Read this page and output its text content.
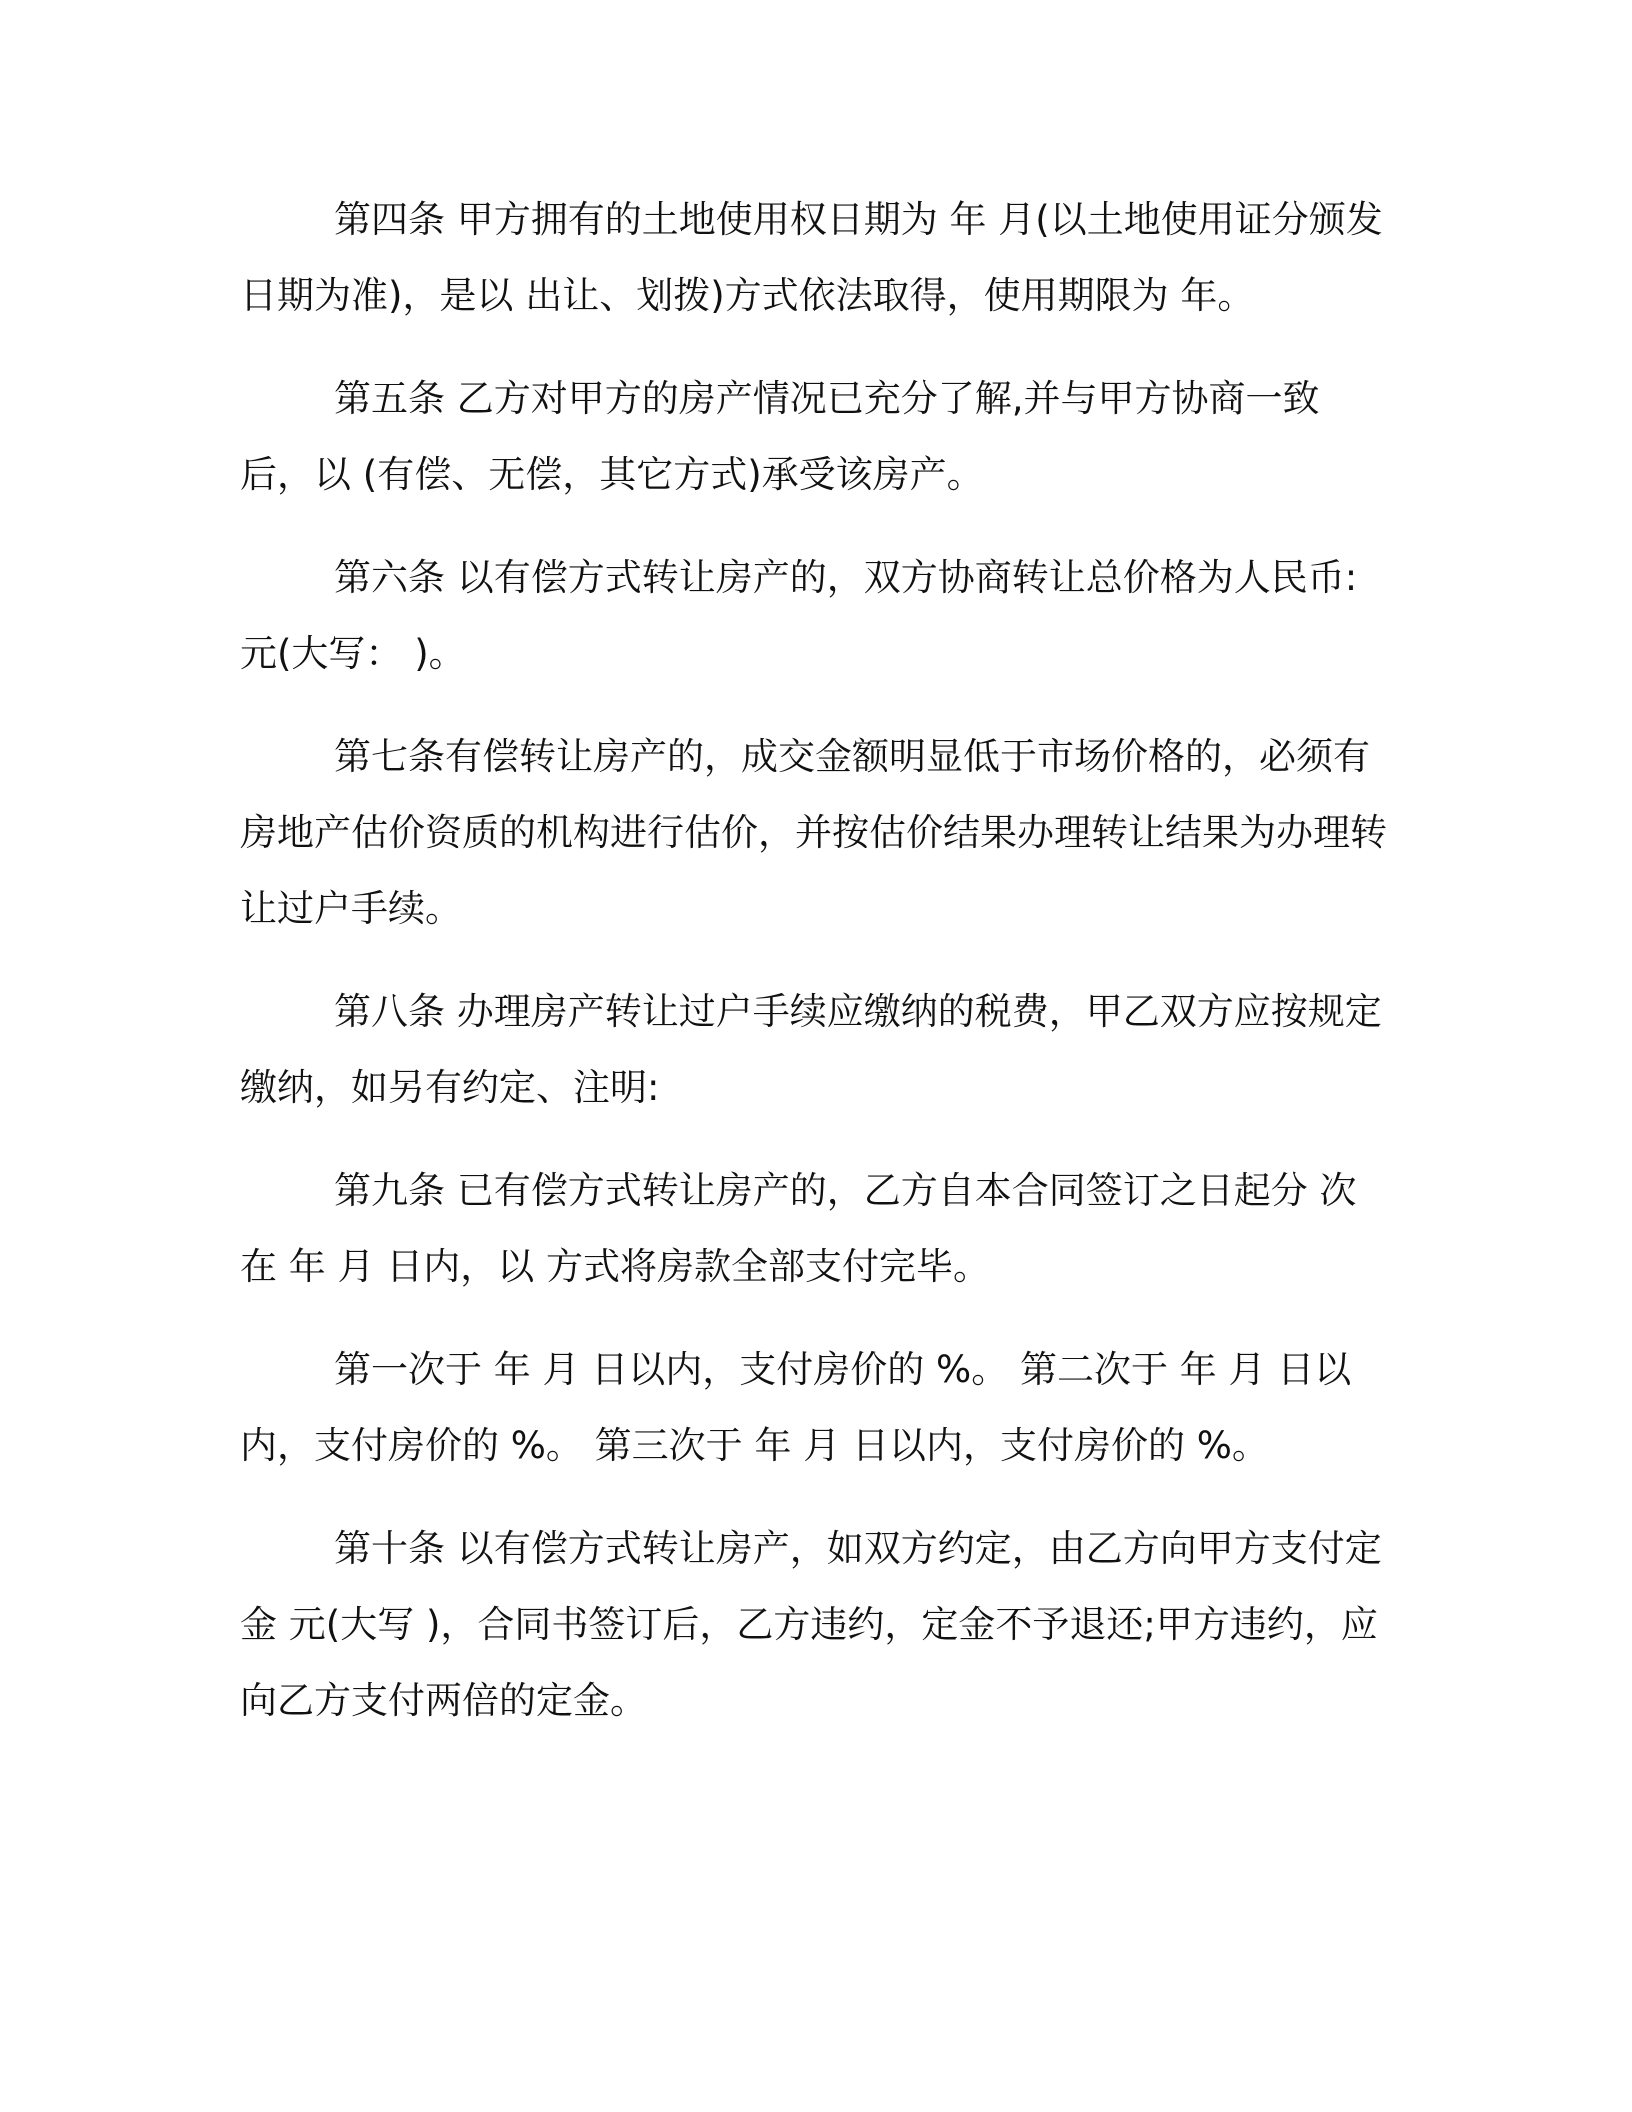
第四条 甲方拥有的土地使用权日期为 年 月(以土地使用证分颁发日期为准)，是以 出让、划拨)方式依法取得，使用期限为 年。

第五条 乙方对甲方的房产情况已充分了解,并与甲方协商一致后，以 (有偿、无偿，其它方式)承受该房产。

第六条 以有偿方式转让房产的，双方协商转让总价格为人民币: 元(大写： )。

第七条有偿转让房产的，成交金额明显低于市场价格的，必须有房地产估价资质的机构进行估价，并按估价结果办理转让结果为办理转让过户手续。

第八条 办理房产转让过户手续应缴纳的税费，甲乙双方应按规定缴纳，如另有约定、注明:

第九条 已有偿方式转让房产的，乙方自本合同签订之日起分 次在 年 月 日内，以 方式将房款全部支付完毕。

第一次于 年 月 日以内，支付房价的 %。 第二次于 年 月 日以内，支付房价的 %。 第三次于 年 月 日以内，支付房价的 %。

第十条 以有偿方式转让房产，如双方约定，由乙方向甲方支付定金 元(大写 )，合同书签订后，乙方违约，定金不予退还;甲方违约，应向乙方支付两倍的定金。
